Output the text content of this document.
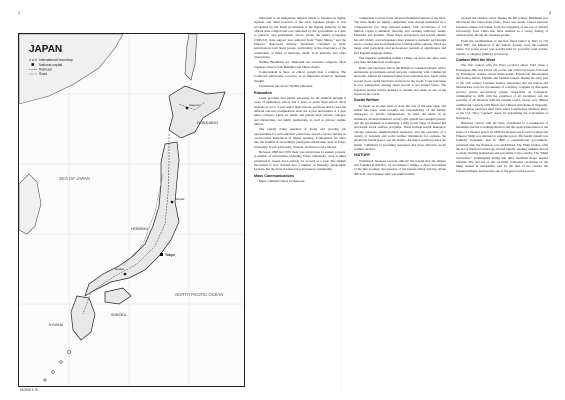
2	3
JAPAN
International boundary
National capital
Railroad
Road
HOKKAIDO
HONSHU
SHIKOKU
KYUSHU
SEA OF JAPAN
NORTH PACIFIC OCEAN
Tokyo
Sapporo
Osaka
Sendai
510568 3-75

Shintoism is an indigenous religion which is founded on myths, legends, and ritual practices of the early Japanese people. It was recognized by the Meiji government at the highest authority as the official state religion and was cultivated by the government as a spur to patriotic and nationalistic fervor. Under the Allied occupation (1945-52), state support was removed from "State Shinto," and the Emperor disavowed divinity. Shintoism continues to draw participation from many people, particularly in the observance of the ceremonies, at times of marriage, death, local festivals, and other observances.

Neither Buddhism nor Shintoism are exclusive religions. Most Japanese observe both Buddhist and Shinto rituals.

Confucianism is more an ethical system than a religion. The Confucian philosophy, however, is an important strand in Japanese thought.

Christianity has about 750,000 adherents.

Education

Japan provides free public schooling for all children through 9 years of elementary school and 3 years of junior high school. Most students go on to 3-year senior high schools, and those able to pass the difficult entrance examinations enter the 4-year universities or 2-year junior colleges. There are public and private high schools, colleges, and universities, but public institutions, as well as private, require tuition.

The rapidly rising standard of living and growing job opportunities for well-educated youth have placed a severe burden on overcrowded institutions of higher learning. Competition for entry into the handful of exceedingly prestigious universities such as Tokyo University, Kyoto University, Waseda, and Keio is very intense.

Between 1968 and 1970 there was an increase in student protests. A number of universities, including Tokyo University, were at times paralyzed or closed down entirely for as long as a year. The student movement is now divided into a number of mutually antagonistic factions, but the level of tension has decreased considerably.

Mass Communications

Mass communications in Japan are

comparable to those in the advanced industrial nations of the West. The mass media are highly competitive even though dominated by a comparatively few large national dailies, with circulations of 7-8 million copies (combined, morning and evening editions): Asahi, Mainichi, and Yomiuri. These major newspapers and several smaller but still widely read newspapers have extensive domestic and foreign news coverage and are influential in forming public opinion. There are many other periodicals and professional journals of significance and five English-language dailies.

The Japanese publishing industry brings out more new titles each year than the American counterpart.

Radio and television follow the British or Canadian pattern, with a nationwide government-owned network competing with commercial networks. Almost all Japanese homes have television sets; Japan ranks second in per capita television receivers in the world. Color television is now widespread, placing Japan second to the United States. The Japanese motion picture industry is notable and ranks as one of the largest in the world.

Social Welfare

In Japan, as in other parts of Asia, the care of the sick, aged, and infirm has been, until recently, the responsibility of the family, employers, or private organizations. To meet the needs of an urbanized, modern industrial society, this system has changed greatly, and the government is conducting a fully broad range of modest but successful social welfare programs. These include health insurance, old-age pensions, unemployment insurance, and the operation of a variety of hospitals and social welfare institutions for orphans, the physically handicapped, and the elderly. All major political parties are firmly committed to providing increased and more effective social welfare services.

HISTORY

Traditional Japanese records embody the legend that the empire was founded in 660 B.C. by the Emperor Jimmu, a direct descendant of the Sun Goddess and ancestor of the present ruling dynasty. About 400 A.D., the Japanese state was unified under

adopted the Chinese script. During the 6th century Buddhism was introduced into Japan from China. There was steady contact between Japanese culture and China, from the beginning of the era of cultural borrowings from China that have resulted in a strong feeling of cultural unity among the Japanese people.

From the establishment of the first fixed capital at Nara in 710 until 1867, the Emperors of the Yamato dynasty were the nominal rulers, but actual power was usually held by powerful court nobles, regents, or shoguns (military governors).

Contact With the West

The first contact with the West occurred about 1542 when a Portuguese ship was blown off course and arrived in Japan, followed by Portuguese traders, Jesuit missionaries, Franciscan missionaries and traders, Dutch, English, and Spanish traders. During the early part of the 17th century Japanese leaders, suspecting that the traders and missionaries were the forerunners of a military conquest by European powers, placed successively greater restrictions on foreigners, culminating in 1639 with the expulsion of all foreigners and the severing of all relations with the outside world, except very limited commercial contacts with Dutch and Chinese merchants at Nagasaki. This isolation persisted until 1854 when Commodore Matthew Perry of the U.S. Navy "opened" Japan by negotiating the Convention of Kanagawa.

Renewed contact with the West contributed to a breakdown of feudalism and led to industrialization and the rapid achievement of the status of a modern power. In 1868 the shogun was forced to resign and Emperor Meiji was returned to supreme power. The feudal system was formally abolished, and in 1889 a constitutional government, patterned after the Prussian, was established. The Meiji leaders, with the aid of Western technology, moved rapidly, sending students abroad to study, inviting technicians and specialists to the country. The "Meiji restoration," promulgated during this time, instituted major needed reforms. The success of the carefully controlled revolution of the Meiji leaders is remarkable, and by the turn of the century the Japanese Empire had become one of the great world powers.
